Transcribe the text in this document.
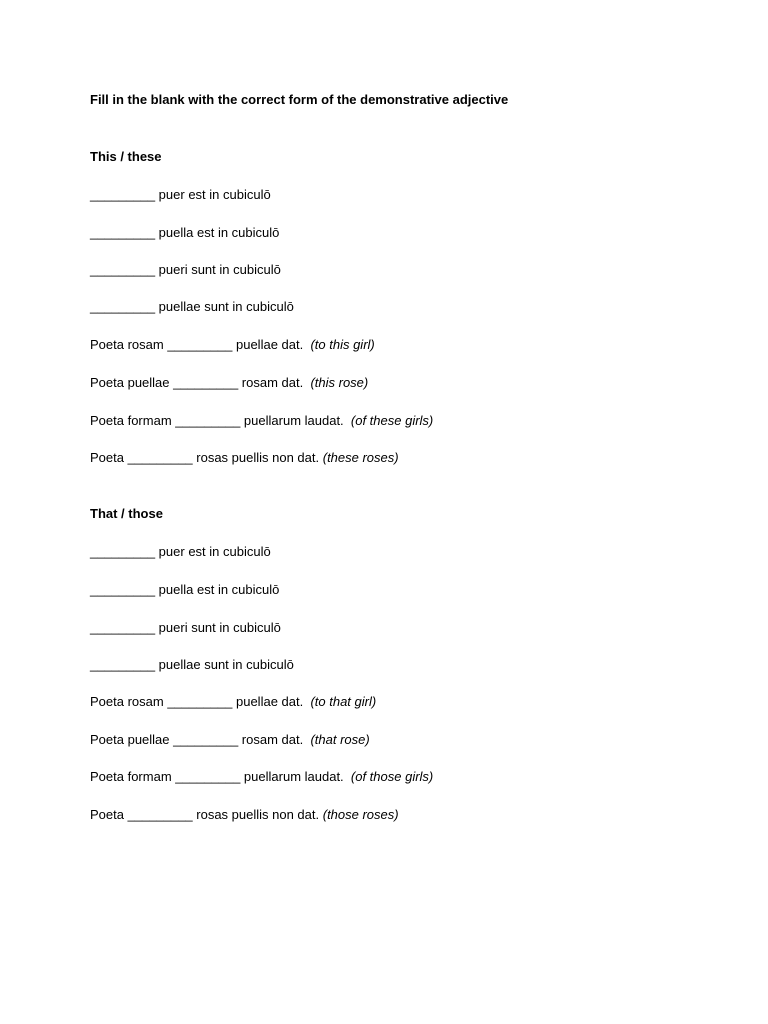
Fill in the blank with the correct form of the demonstrative adjective
This / these
_________ puer est in cubiculō
_________ puella est in cubiculō
_________ pueri sunt in cubiculō
_________ puellae sunt in cubiculō
Poeta rosam _________ puellae dat.  (to this girl)
Poeta puellae _________ rosam dat.  (this rose)
Poeta formam _________ puellarum laudat.  (of these girls)
Poeta _________ rosas puellis non dat. (these roses)
That / those
_________ puer est in cubiculō
_________ puella est in cubiculō
_________ pueri sunt in cubiculō
_________ puellae sunt in cubiculō
Poeta rosam _________ puellae dat.  (to that girl)
Poeta puellae _________ rosam dat.  (that rose)
Poeta formam _________ puellarum laudat.  (of those girls)
Poeta _________ rosas puellis non dat. (those roses)
